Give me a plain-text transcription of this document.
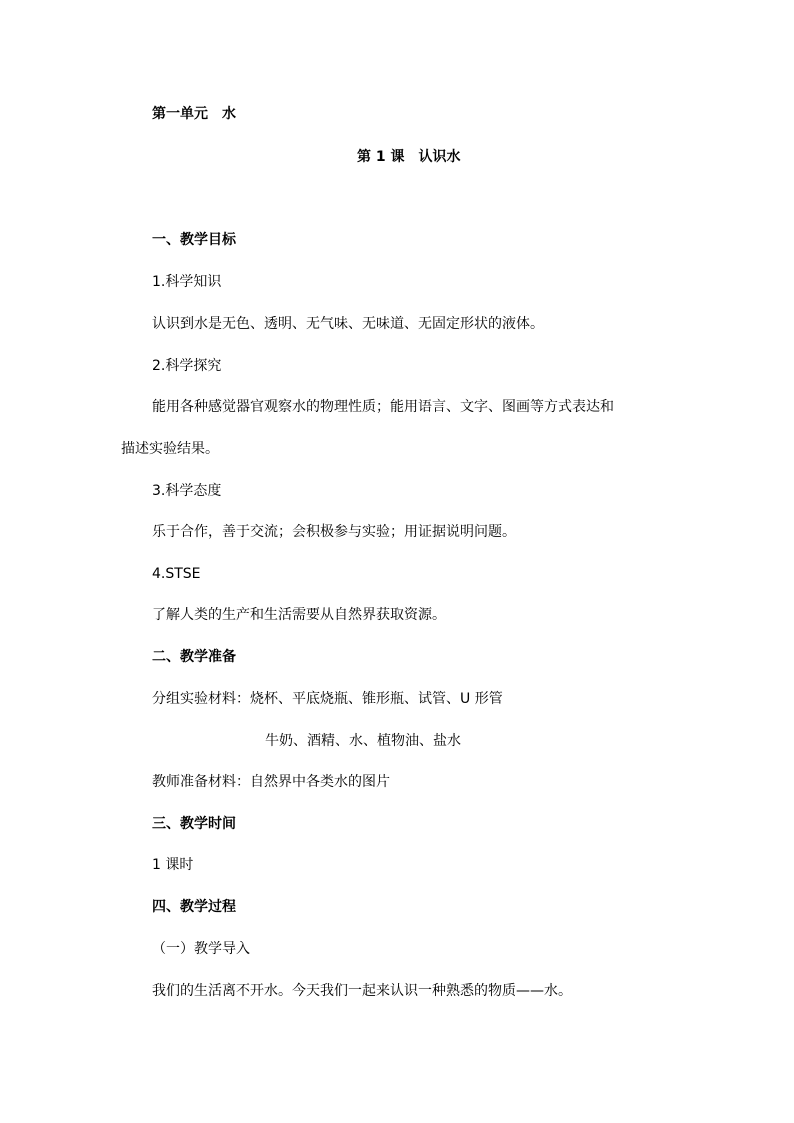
第一单元　水
第 1 课　认识水
一、教学目标
1.科学知识
认识到水是无色、透明、无气味、无味道、无固定形状的液体。
2.科学探究
能用各种感觉器官观察水的物理性质；能用语言、文字、图画等方式表达和
描述实验结果。
3.科学态度
乐于合作，善于交流；会积极参与实验；用证据说明问题。
4.STSE
了解人类的生产和生活需要从自然界获取资源。
二、教学准备
分组实验材料：烧杯、平底烧瓶、锥形瓶、试管、U 形管
牛奶、酒精、水、植物油、盐水
教师准备材料：自然界中各类水的图片
三、教学时间
1 课时
四、教学过程
（一）教学导入
我们的生活离不开水。今天我们一起来认识一种熟悉的物质——水。
